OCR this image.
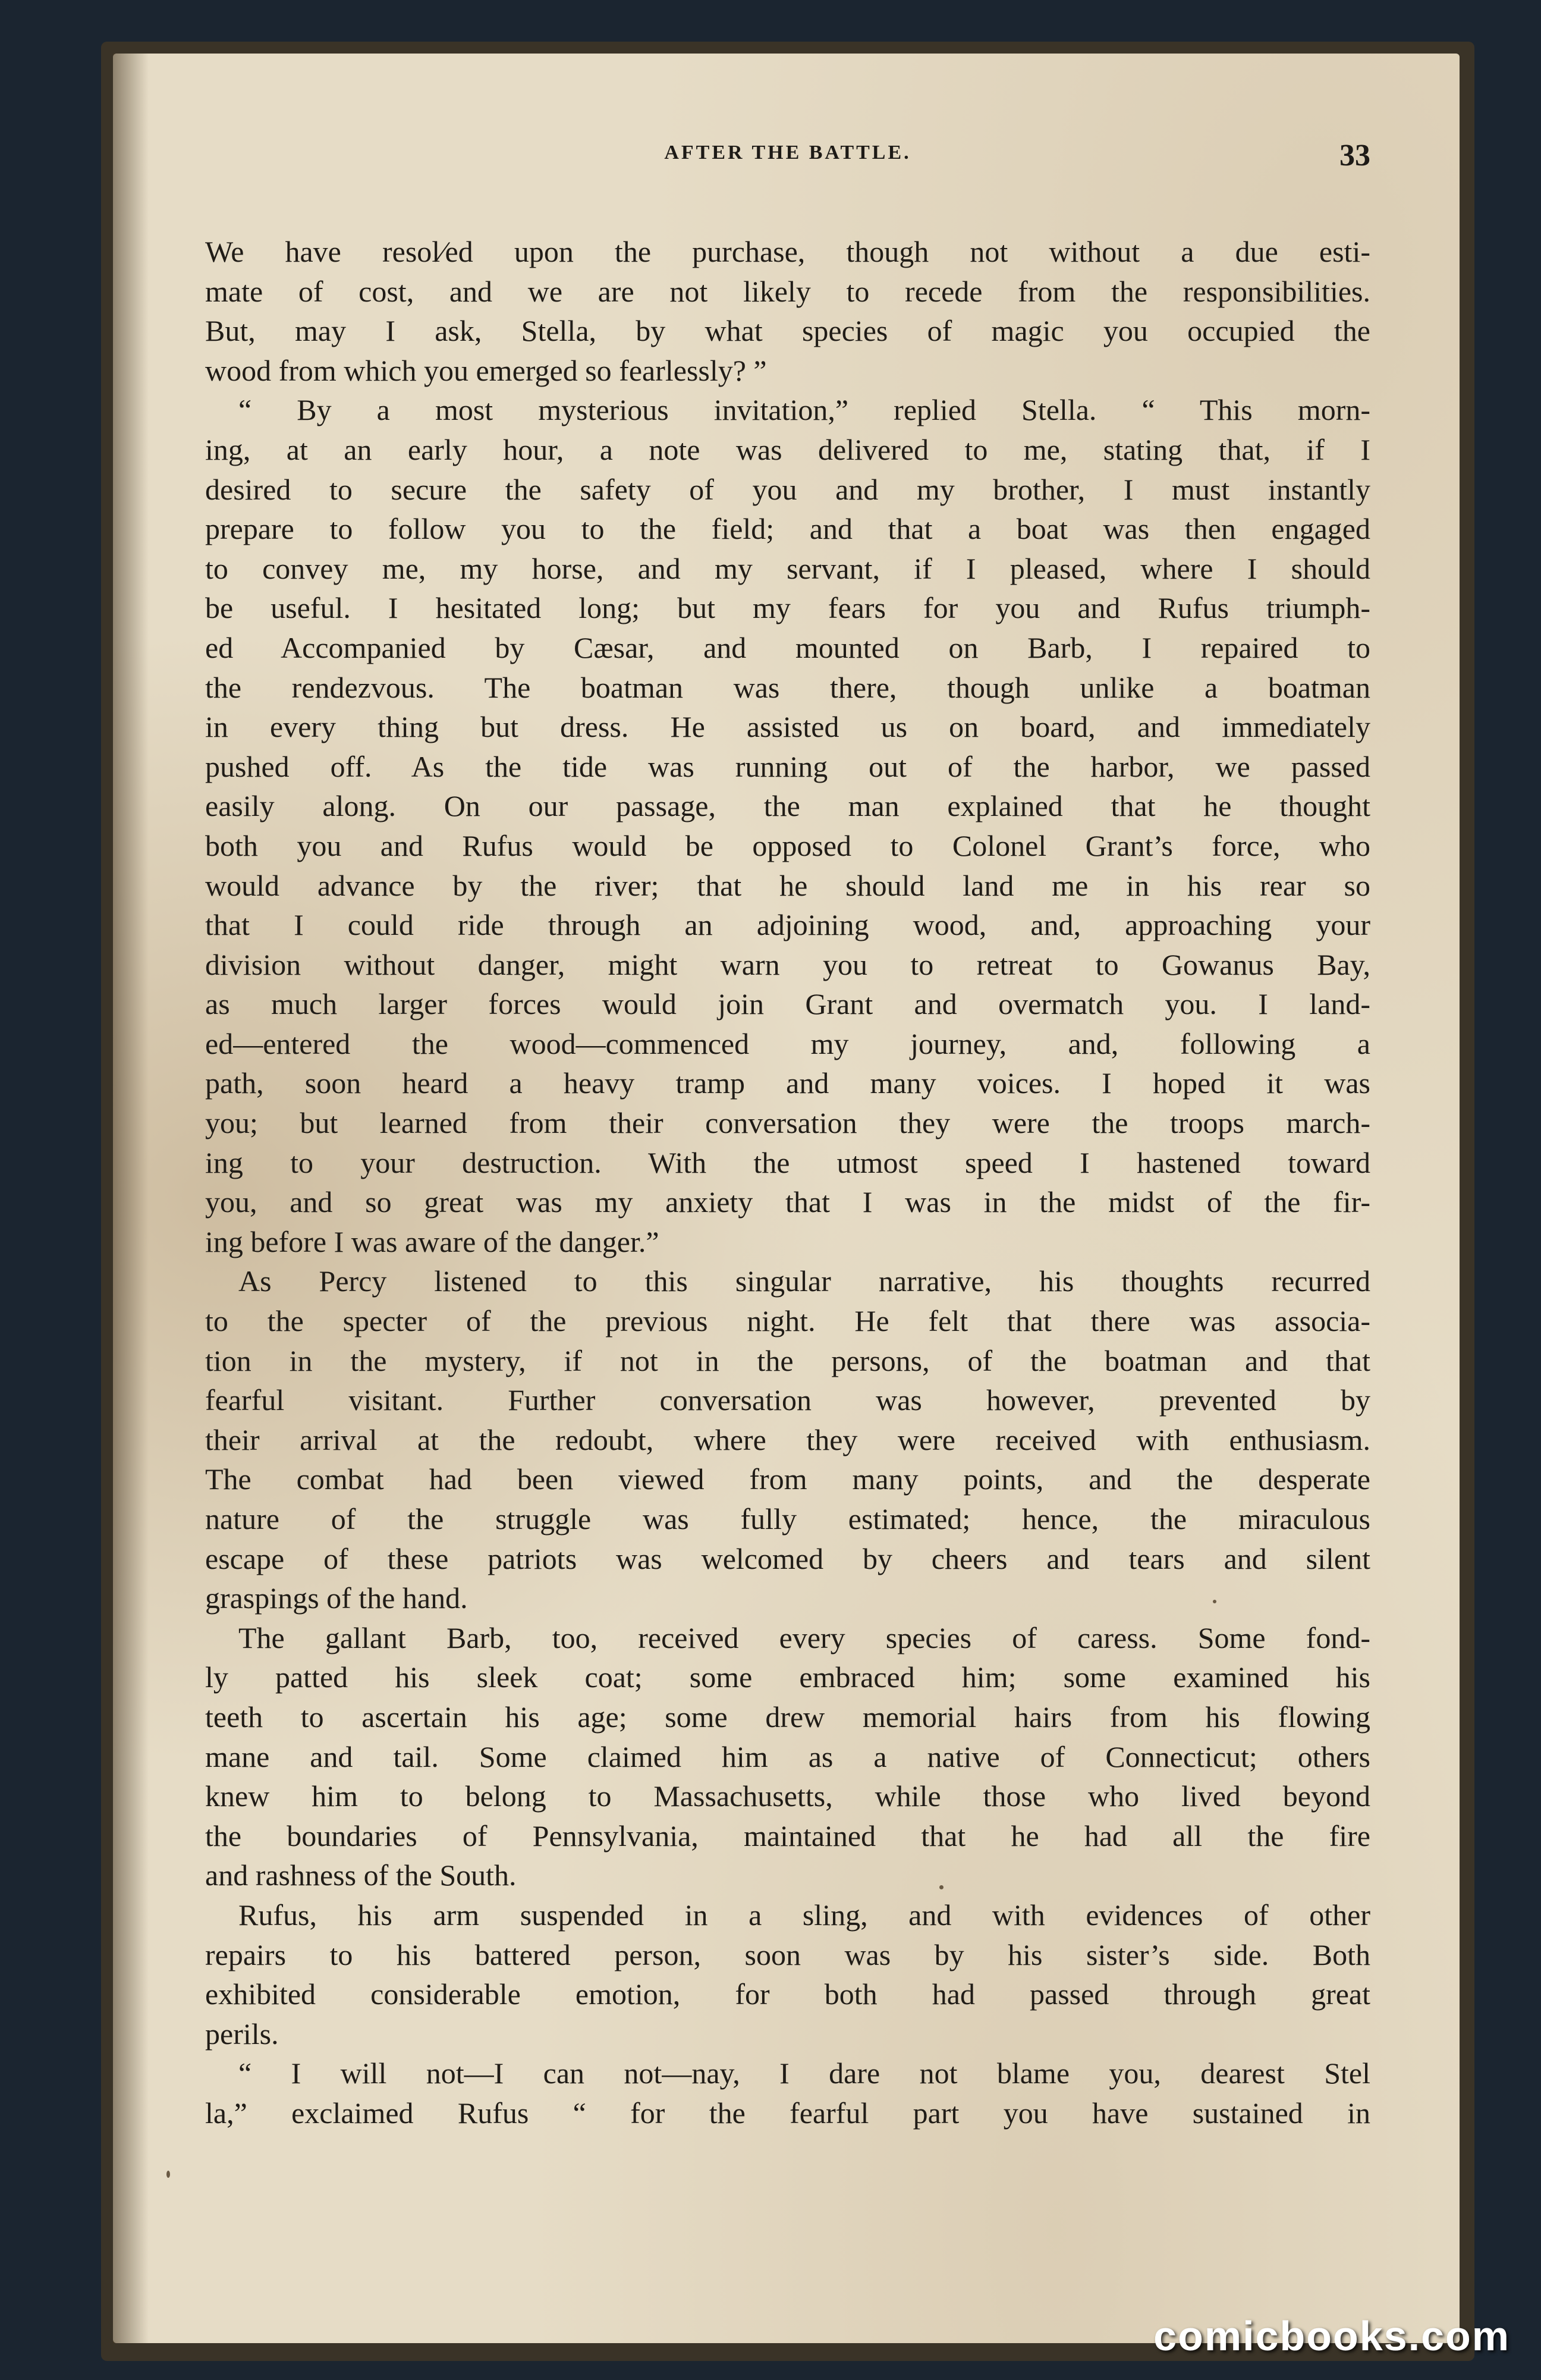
AFTER THE BATTLE.	33
We have resol⁄ed upon the purchase, though not without a due esti-
mate of cost, and we are not likely to recede from the responsibilities.
But, may I ask, Stella, by what species of magic you occupied the
wood from which you emerged so fearlessly? ”
“ By a most mysterious invitation,” replied Stella. “ This morn-
ing, at an early hour, a note was delivered to me, stating that, if I
desired to secure the safety of you and my brother, I must instantly
prepare to follow you to the field; and that a boat was then engaged
to convey me, my horse, and my servant, if I pleased, where I should
be useful. I hesitated long; but my fears for you and Rufus triumph-
ed Accompanied by Cæsar, and mounted on Barb, I repaired to
the rendezvous. The boatman was there, though unlike a boatman
in every thing but dress. He assisted us on board, and immediately
pushed off. As the tide was running out of the harbor, we passed
easily along. On our passage, the man explained that he thought
both you and Rufus would be opposed to Colonel Grant’s force, who
would advance by the river; that he should land me in his rear so
that I could ride through an adjoining wood, and, approaching your
division without danger, might warn you to retreat to Gowanus Bay,
as much larger forces would join Grant and overmatch you. I land-
ed—entered the wood—commenced my journey, and, following a
path, soon heard a heavy tramp and many voices. I hoped it was
you; but learned from their conversation they were the troops march-
ing to your destruction. With the utmost speed I hastened toward
you, and so great was my anxiety that I was in the midst of the fir-
ing before I was aware of the danger.”
As Percy listened to this singular narrative, his thoughts recurred
to the specter of the previous night. He felt that there was associa-
tion in the mystery, if not in the persons, of the boatman and that
fearful visitant. Further conversation was however, prevented by
their arrival at the redoubt, where they were received with enthusiasm.
The combat had been viewed from many points, and the desperate
nature of the struggle was fully estimated; hence, the miraculous
escape of these patriots was welcomed by cheers and tears and silent
graspings of the hand.
The gallant Barb, too, received every species of caress. Some fond-
ly patted his sleek coat; some embraced him; some examined his
teeth to ascertain his age; some drew memorial hairs from his flowing
mane and tail. Some claimed him as a native of Connecticut; others
knew him to belong to Massachusetts, while those who lived beyond
the boundaries of Pennsylvania, maintained that he had all the fire
and rashness of the South.
Rufus, his arm suspended in a sling, and with evidences of other
repairs to his battered person, soon was by his sister’s side. Both
exhibited considerable emotion, for both had passed through great
perils.
“ I will not—I can not—nay, I dare not blame you, dearest Stel
la,” exclaimed Rufus “ for the fearful part you have sustained in
comicbooks.com
